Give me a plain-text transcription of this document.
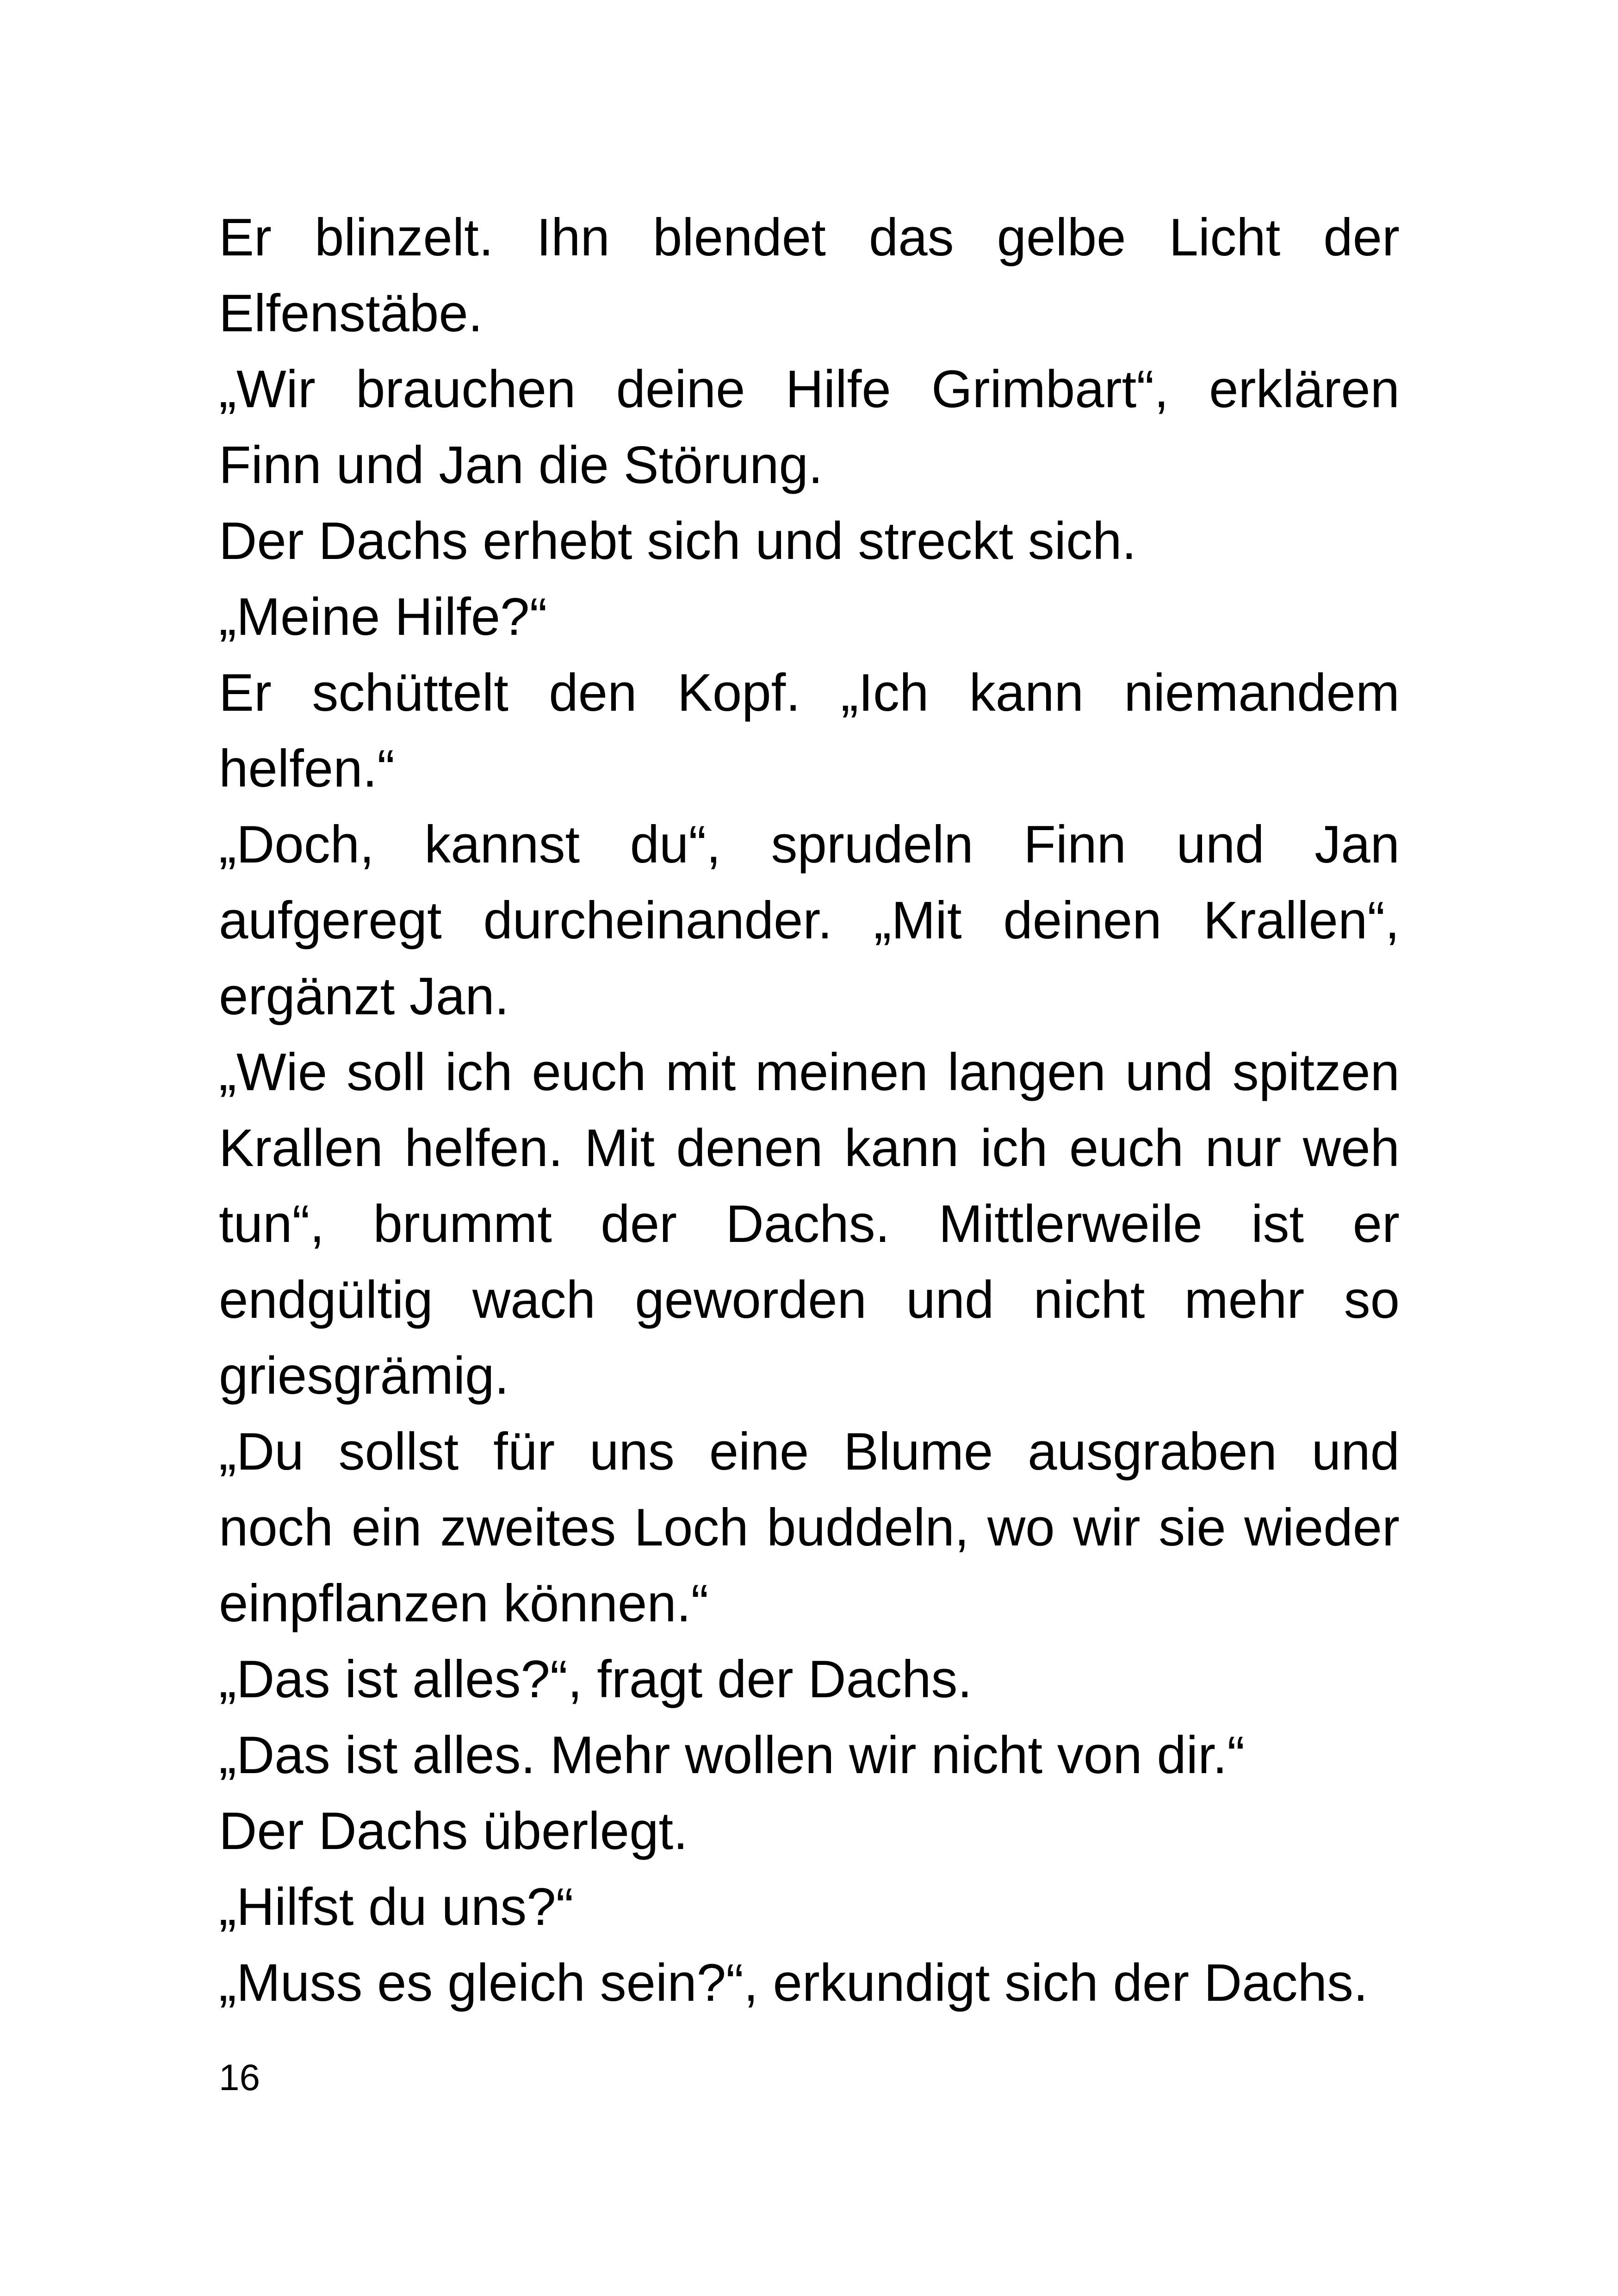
Er blinzelt. Ihn blendet das gelbe Licht der
Elfenstäbe.
„Wir brauchen deine Hilfe Grimbart“, erklären
Finn und Jan die Störung.
Der Dachs erhebt sich und streckt sich.
„Meine Hilfe?“
Er schüttelt den Kopf. „Ich kann niemandem
helfen.“
„Doch, kannst du“, sprudeln Finn und Jan
aufgeregt durcheinander. „Mit deinen Krallen“,
ergänzt Jan.
„Wie soll ich euch mit meinen langen und spitzen
Krallen helfen. Mit denen kann ich euch nur weh
tun“, brummt der Dachs. Mittlerweile ist er
endgültig wach geworden und nicht mehr so
griesgrämig.
„Du sollst für uns eine Blume ausgraben und
noch ein zweites Loch buddeln, wo wir sie wieder
einpflanzen können.“
„Das ist alles?“, fragt der Dachs.
„Das ist alles. Mehr wollen wir nicht von dir.“
Der Dachs überlegt.
„Hilfst du uns?“
„Muss es gleich sein?“, erkundigt sich der Dachs.
16
